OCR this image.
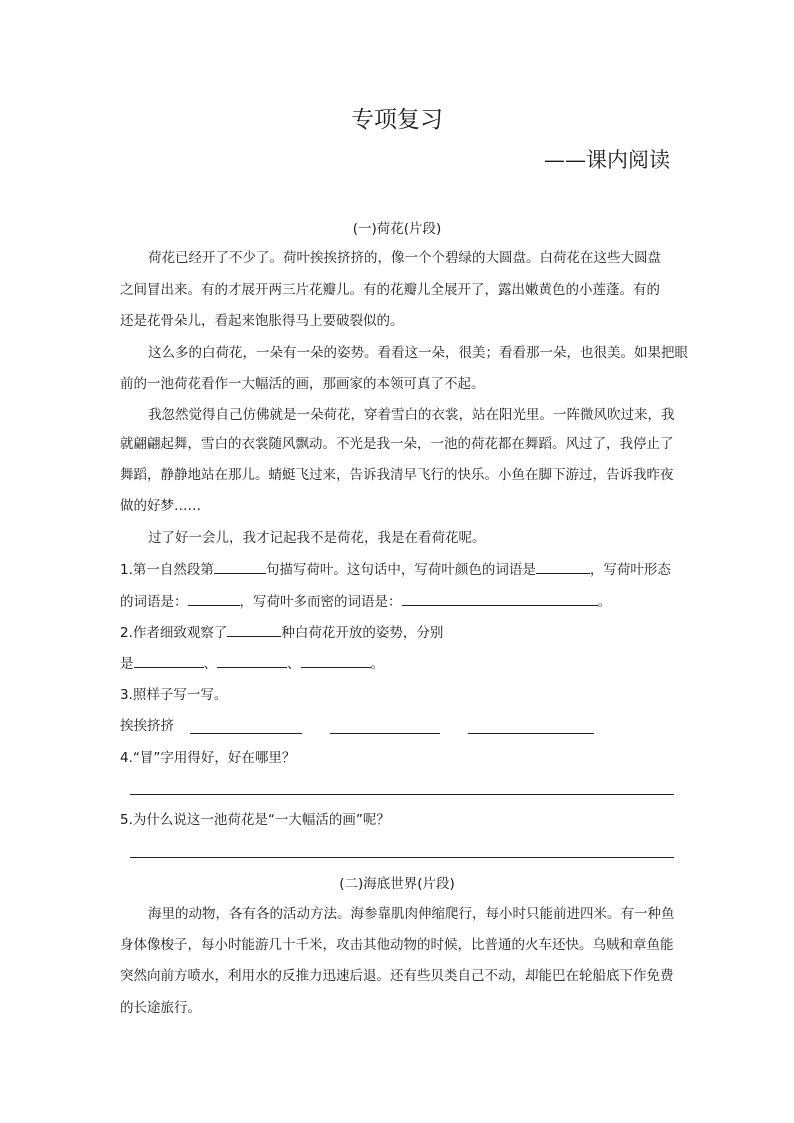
专项复习
——课内阅读
(一)荷花(片段)
荷花已经开了不少了。荷叶挨挨挤挤的，像一个个碧绿的大圆盘。白荷花在这些大圆盘
之间冒出来。有的才展开两三片花瓣儿。有的花瓣儿全展开了，露出嫩黄色的小莲蓬。有的
还是花骨朵儿，看起来饱胀得马上要破裂似的。
这么多的白荷花，一朵有一朵的姿势。看看这一朵，很美；看看那一朵，也很美。如果把眼
前的一池荷花看作一大幅活的画，那画家的本领可真了不起。
我忽然觉得自己仿佛就是一朵荷花，穿着雪白的衣裳，站在阳光里。一阵微风吹过来，我
就翩翩起舞，雪白的衣裳随风飘动。不光是我一朵，一池的荷花都在舞蹈。风过了，我停止了
舞蹈，静静地站在那儿。蜻蜓飞过来，告诉我清早飞行的快乐。小鱼在脚下游过，告诉我昨夜
做的好梦……
过了好一会儿，我才记起我不是荷花，我是在看荷花呢。
1.第一自然段第	句描写荷叶。这句话中，写荷叶颜色的词语是	，写荷叶形态
的词语是：	，写荷叶多而密的词语是：	。
2.作者细致观察了	种白荷花开放的姿势，分别
是	、	、	。
3.照样子写一写。
挨挨挤挤
4.“冒”字用得好，好在哪里？
5.为什么说这一池荷花是“一大幅活的画”呢？
(二)海底世界(片段)
海里的动物，各有各的活动方法。海参靠肌肉伸缩爬行，每小时只能前进四米。有一种鱼
身体像梭子，每小时能游几十千米，攻击其他动物的时候，比普通的火车还快。乌贼和章鱼能
突然向前方喷水，利用水的反推力迅速后退。还有些贝类自己不动，却能巴在轮船底下作免费
的长途旅行。
